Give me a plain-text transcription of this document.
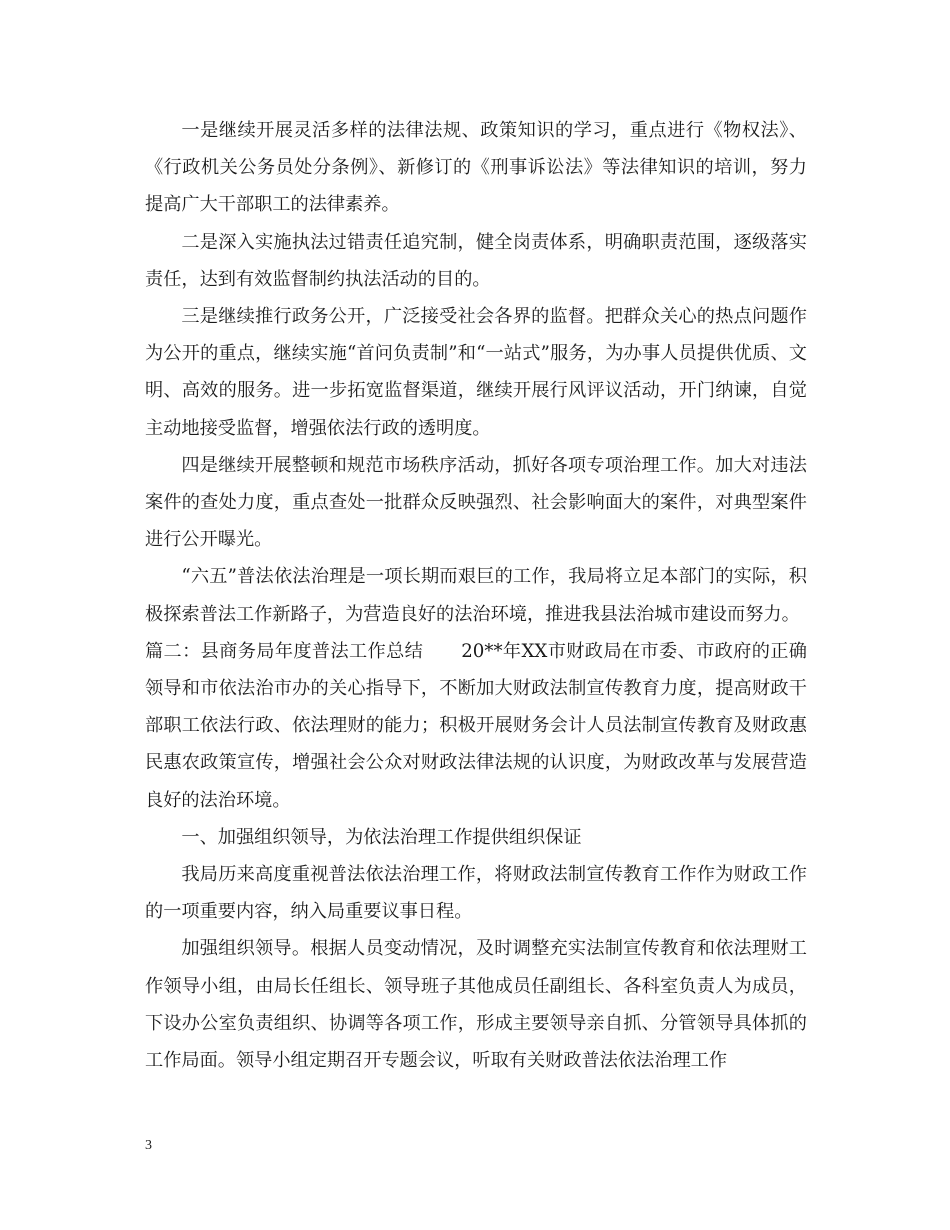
一是继续开展灵活多样的法律法规、政策知识的学习，重点进行《物权法》、《行政机关公务员处分条例》、新修订的《刑事诉讼法》等法律知识的培训，努力提高广大干部职工的法律素养。

二是深入实施执法过错责任追究制，健全岗责体系，明确职责范围，逐级落实责任，达到有效监督制约执法活动的目的。

三是继续推行政务公开，广泛接受社会各界的监督。把群众关心的热点问题作为公开的重点，继续实施“首问负责制”和“一站式”服务，为办事人员提供优质、文明、高效的服务。进一步拓宽监督渠道，继续开展行风评议活动，开门纳谏，自觉主动地接受监督，增强依法行政的透明度。

四是继续开展整顿和规范市场秩序活动，抓好各项专项治理工作。加大对违法案件的查处力度，重点查处一批群众反映强烈、社会影响面大的案件，对典型案件进行公开曝光。

“六五”普法依法治理是一项长期而艰巨的工作，我局将立足本部门的实际，积极探索普法工作新路子，为营造良好的法治环境，推进我县法治城市建设而努力。

篇二：县商务局年度普法工作总结 20**年XX市财政局在市委、市政府的正确领导和市依法治市办的关心指导下，不断加大财政法制宣传教育力度，提高财政干部职工依法行政、依法理财的能力；积极开展财务会计人员法制宣传教育及财政惠民惠农政策宣传，增强社会公众对财政法律法规的认识度，为财政改革与发展营造良好的法治环境。

一、加强组织领导，为依法治理工作提供组织保证

我局历来高度重视普法依法治理工作，将财政法制宣传教育工作作为财政工作的一项重要内容，纳入局重要议事日程。

加强组织领导。根据人员变动情况，及时调整充实法制宣传教育和依法理财工作领导小组，由局长任组长、领导班子其他成员任副组长、各科室负责人为成员，下设办公室负责组织、协调等各项工作，形成主要领导亲自抓、分管领导具体抓的工作局面。领导小组定期召开专题会议，听取有关财政普法依法治理工作

3
